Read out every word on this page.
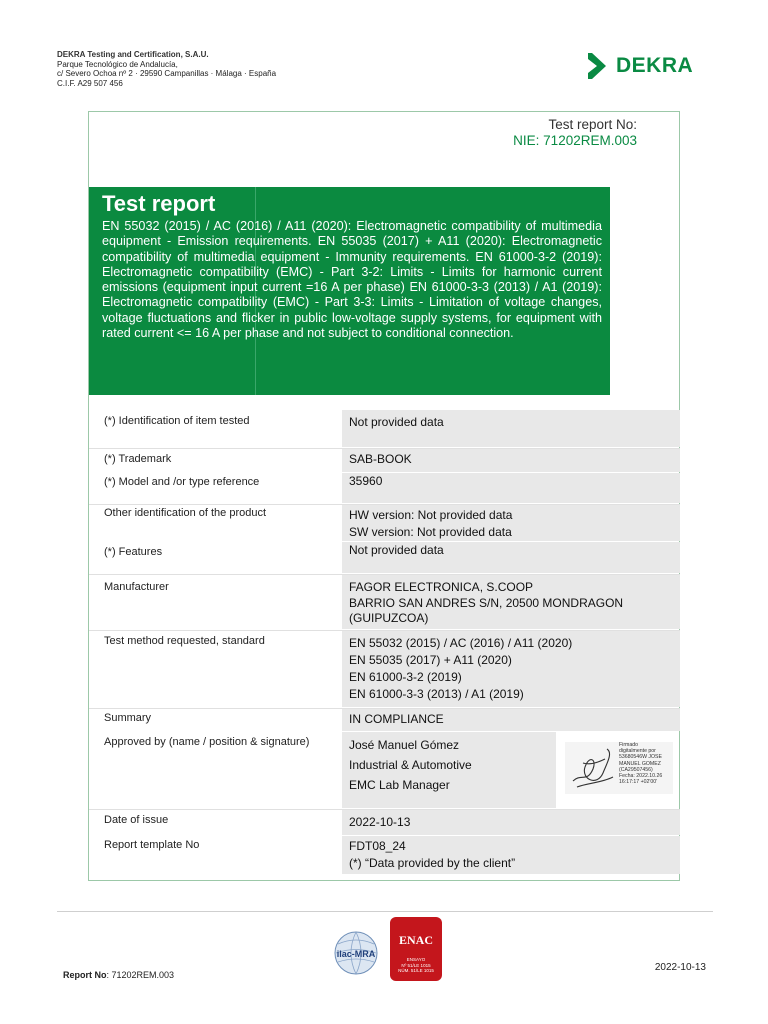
DEKRA Testing and Certification, S.A.U.
Parque Tecnológico de Andalucía,
c/ Severo Ochoa nº 2 · 29590 Campanillas · Málaga · España
C.I.F. A29 507 456
DEKRA
Test report No:
NIE: 71202REM.003
Test report
EN 55032 (2015) / AC (2016) / A11 (2020): Electromagnetic compatibility of multimedia equipment - Emission requirements. EN 55035 (2017) + A11 (2020): Electromagnetic compatibility of multimedia equipment - Immunity requirements. EN 61000-3-2 (2019): Electromagnetic compatibility (EMC) - Part 3-2: Limits - Limits for harmonic current emissions (equipment input current =16 A per phase) EN 61000-3-3 (2013) / A1 (2019): Electromagnetic compatibility (EMC) - Part 3-3: Limits - Limitation of voltage changes, voltage fluctuations and flicker in public low-voltage supply systems, for equipment with rated current <= 16 A per phase and not subject to conditional connection.
(*) Identification of item tested	Not provided data
(*) Trademark	SAB-BOOK
(*) Model and /or type reference	35960
Other identification of the product	HW version: Not provided data
SW version: Not provided data
(*) Features	Not provided data
Manufacturer	FAGOR ELECTRONICA, S.COOP
BARRIO SAN ANDRES S/N, 20500 MONDRAGON
(GUIPUZCOA)
Test method requested, standard	EN 55032 (2015) / AC (2016) / A11 (2020)
EN 55035 (2017) + A11 (2020)
EN 61000-3-2 (2019)
EN 61000-3-3 (2013) / A1 (2019)
Summary	IN COMPLIANCE
Approved by (name / position & signature)	José Manuel Gómez
Industrial & Automotive
EMC Lab Manager
Date of issue	2022-10-13
Report template No	FDT08_24
(*) “Data provided by the client”
Firmado
digitalmente por
53680546W JOSE
MANUEL GOMEZ
(CA29507456)
Fecha: 2022.10.26
16:17:17 +02'00'
ilac-MRA
ENAC
ENSAYO
Nº 51/LE 1015
NÚM. 51/LE 1015
Report No: 71202REM.003
2022-10-13
